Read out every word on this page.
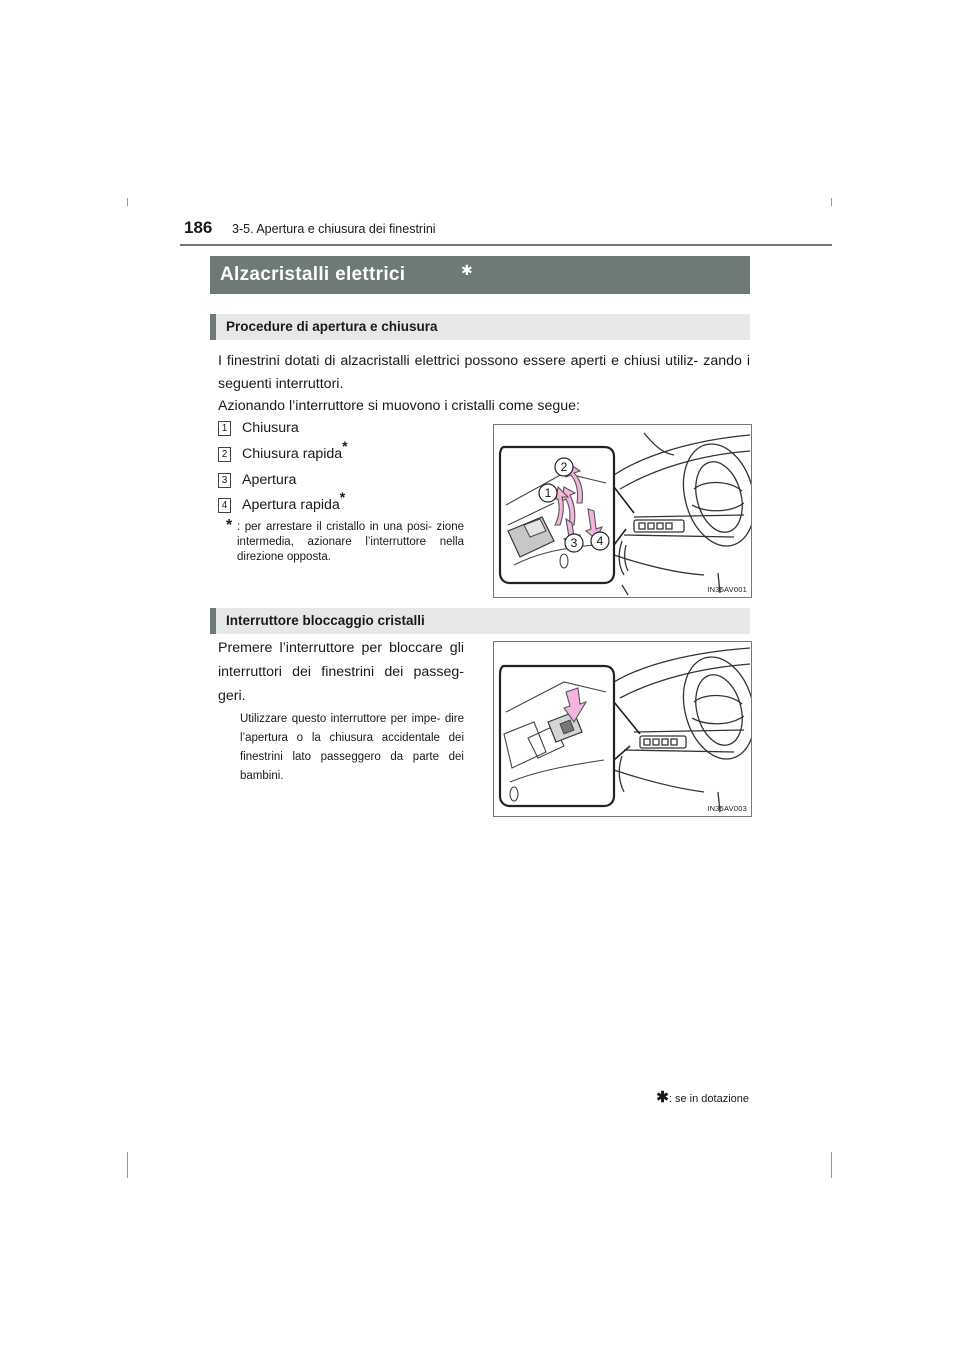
186 3-5. Apertura e chiusura dei finestrini
Alzacristalli elettrici	✱
Procedure di apertura e chiusura
I finestrini dotati di alzacristalli elettrici possono essere aperti e chiusi utiliz- zando i seguenti interruttori.
Azionando l’interruttore si muovono i cristalli come segue:
1 Chiusura
2 Chiusura rapida*
3 Apertura
4 Apertura rapida*
* : per arrestare il cristallo in una posi- zione intermedia, azionare l’interruttore nella direzione opposta.
2
1
3 4
IN35AV001
Interruttore bloccaggio cristalli
Premere l’interruttore per bloccare gli interruttori dei finestrini dei passeg- geri.
Utilizzare questo interruttore per impe- dire l’apertura o la chiusura accidentale dei finestrini lato passeggero da parte dei bambini.
IN35AV003
✱: se in dotazione
